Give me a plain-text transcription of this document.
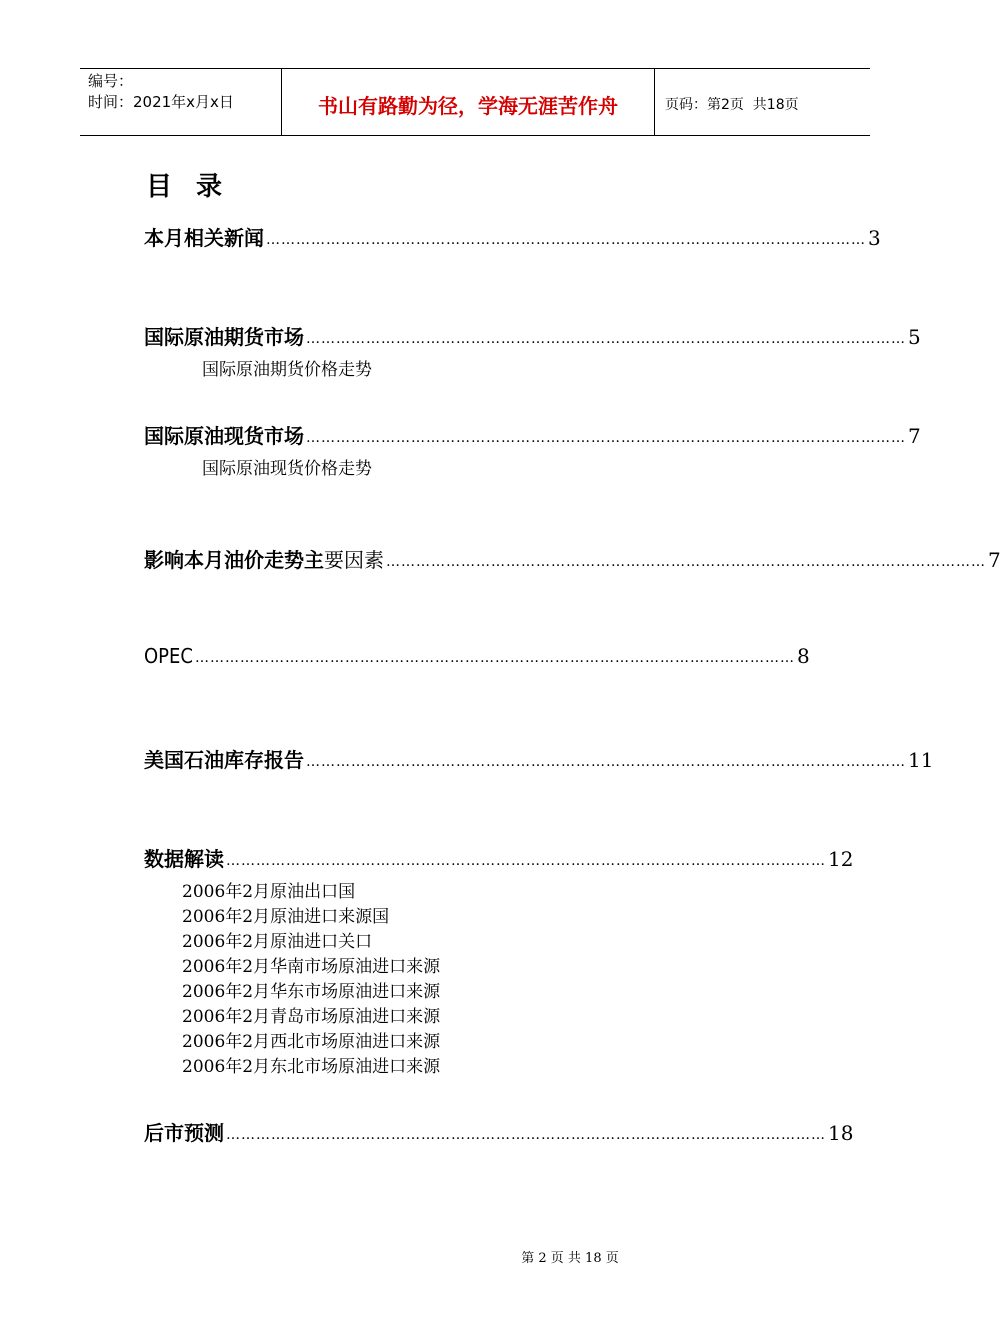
编号：
时间：2021年x月x日	书山有路勤为径，学海无涯苦作舟	页码：第2页  共18页
目 录
本月相关新闻 ………………………………………………………………………………………………………… 3
国际原油期货市场 ………………………………………………………………………………………………………… 5
国际原油期货价格走势
国际原油现货市场 ………………………………………………………………………………………………………… 7
国际原油现货价格走势
影响本月油价走势主要因素 ………………………………………………………………………………………………………… 7
OPEC ………………………………………………………………………………………………………… 8
美国石油库存报告 ………………………………………………………………………………………………………… 11
数据解读 ………………………………………………………………………………………………………… 12
2006年2月原油出口国
2006年2月原油进口来源国
2006年2月原油进口关口
2006年2月华南市场原油进口来源
2006年2月华东市场原油进口来源
2006年2月青岛市场原油进口来源
2006年2月西北市场原油进口来源
2006年2月东北市场原油进口来源
后市预测 ………………………………………………………………………………………………………… 18
第 2 页 共 18 页
